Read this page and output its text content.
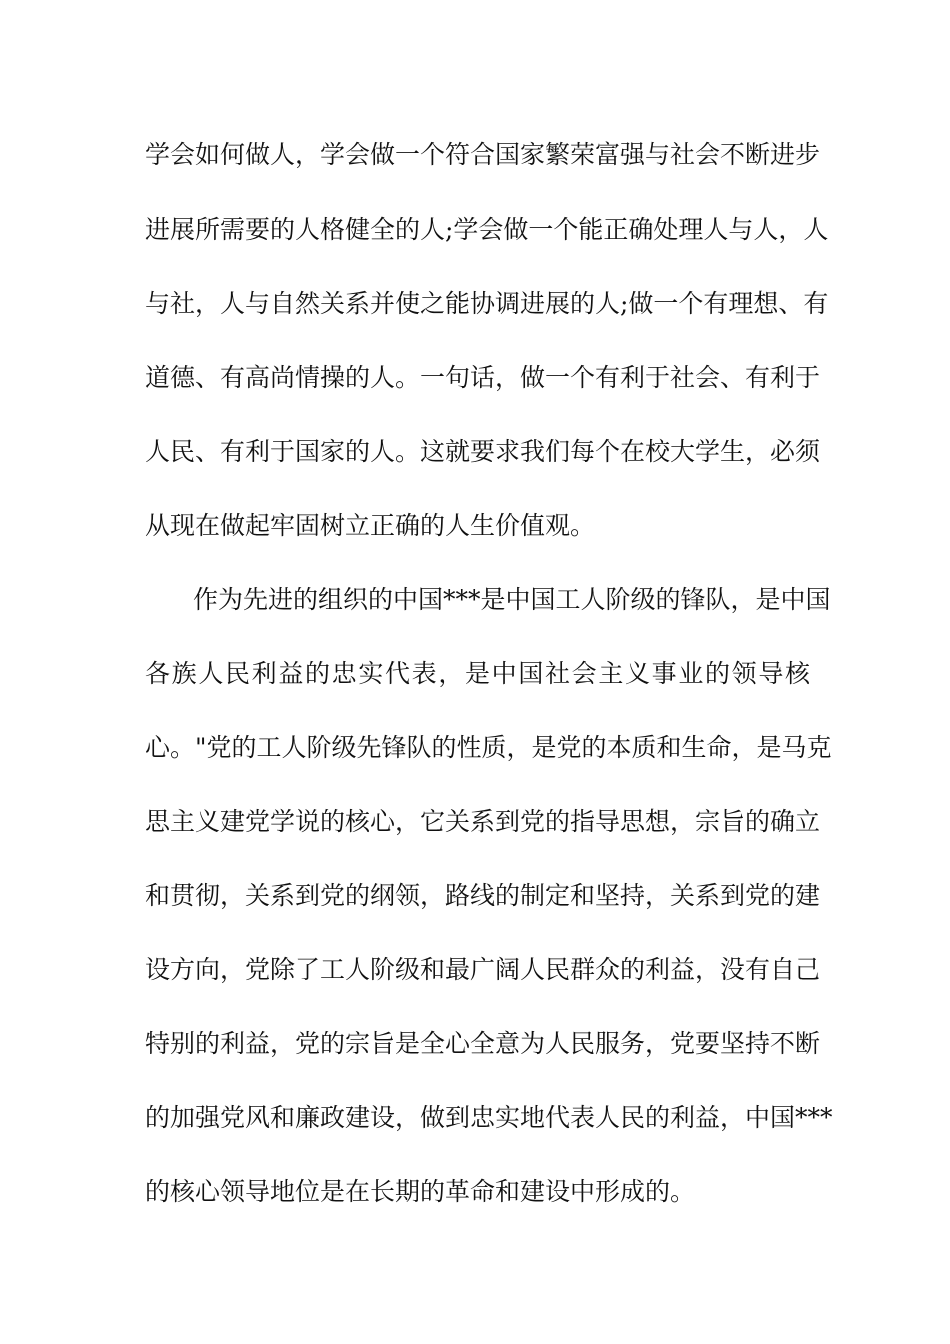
学会如何做人，学会做一个符合国家繁荣富强与社会不断进步
进展所需要的人格健全的人;学会做一个能正确处理人与人，人
与社，人与自然关系并使之能协调进展的人;做一个有理想、有
道德、有高尚情操的人。一句话，做一个有利于社会、有利于
人民、有利于国家的人。这就要求我们每个在校大学生，必须
从现在做起牢固树立正确的人生价值观。
作为先进的组织的中国***是中国工人阶级的锋队，是中国
各族人民利益的忠实代表，是中国社会主义事业的领导核
心。"党的工人阶级先锋队的性质，是党的本质和生命，是马克
思主义建党学说的核心，它关系到党的指导思想，宗旨的确立
和贯彻，关系到党的纲领，路线的制定和坚持，关系到党的建
设方向，党除了工人阶级和最广阔人民群众的利益，没有自己
特别的利益，党的宗旨是全心全意为人民服务，党要坚持不断
的加强党风和廉政建设，做到忠实地代表人民的利益，中国***
的核心领导地位是在长期的革命和建设中形成的。
